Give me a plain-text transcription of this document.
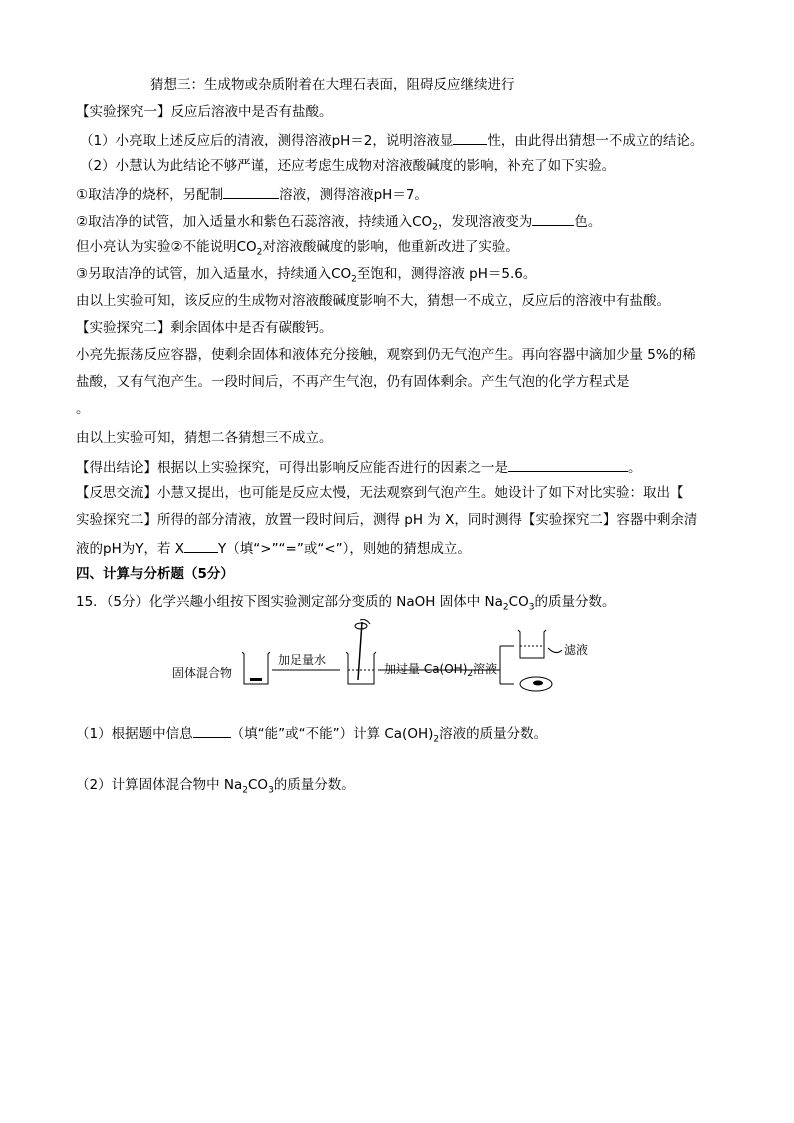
猜想三：生成物或杂质附着在大理石表面，阻碍反应继续进行
【实验探究一】反应后溶液中是否有盐酸。
（1）小亮取上述反应后的清液，测得溶液pH＝2，说明溶液显	性，由此得出猜想一不成立的结论。
（2）小慧认为此结论不够严谨，还应考虑生成物对溶液酸碱度的影响，补充了如下实验。
①取洁净的烧杯，另配制	溶液，测得溶液pH＝7。
②取洁净的试管，加入适量水和紫色石蕊溶液，持续通入$CO_2$，发现溶液变为	色。
但小亮认为实验②不能说明$CO_2$对溶液酸碱度的影响，他重新改进了实验。
③另取洁净的试管，加入适量水，持续通入$CO_2$至饱和，测得溶液 pH＝5.6。
由以上实验可知，该反应的生成物对溶液酸碱度影响不大，猜想一不成立，反应后的溶液中有盐酸。
【实验探究二】剩余固体中是否有碳酸钙。
小亮先振荡反应容器，使剩余固体和液体充分接触，观察到仍无气泡产生。再向容器中滴加少量 5%的稀
盐酸，又有气泡产生。一段时间后，不再产生气泡，仍有固体剩余。产生气泡的化学方程式是
。
由以上实验可知，猜想二各猜想三不成立。
【得出结论】根据以上实验探究，可得出影响反应能否进行的因素之一是	。
【反思交流】小慧又提出，也可能是反应太慢，无法观察到气泡产生。她设计了如下对比实验：取出【
实验探究二】所得的部分清液，放置一段时间后，测得 pH 为 X，同时测得【实验探究二】容器中剩余清
液的pH为Y，若 X	Y（填“>”“=”或“<”），则她的猜想成立。
四、计算与分析题（5分）
15．（5分）化学兴趣小组按下图实验测定部分变质的 NaOH 固体中 $Na_2CO_3$的质量分数。
固体混合物
加足量水
加过量 $Ca(OH)_2$溶液
滤液
（1）根据题中信息	（填“能”或“不能”）计算 $Ca(OH)_2$溶液的质量分数。
（2）计算固体混合物中 $Na_2CO_3$的质量分数。
